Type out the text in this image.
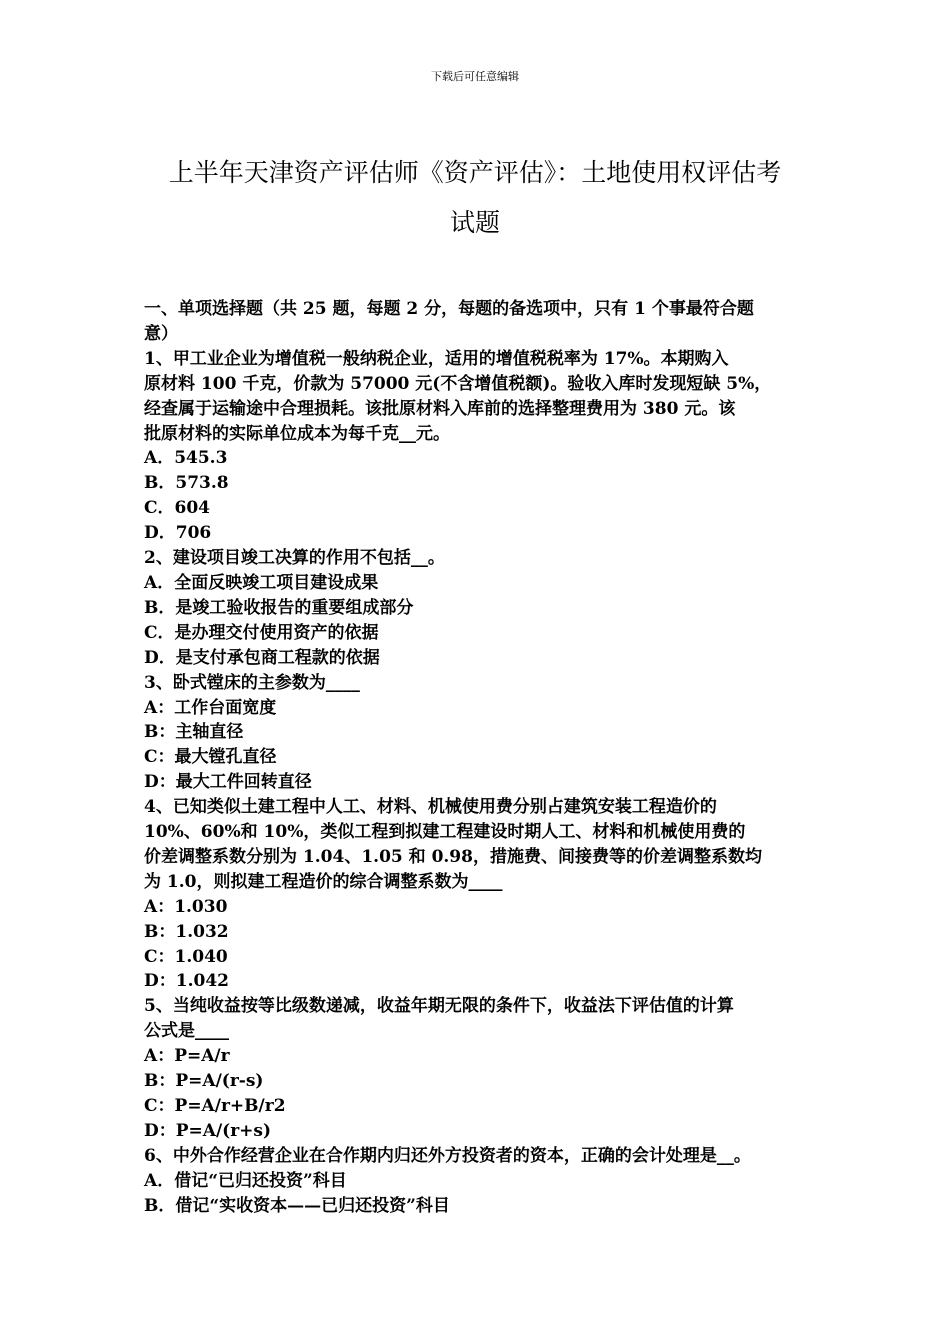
下载后可任意编辑
上半年天津资产评估师《资产评估》：土地使用权评估考
试题
一、单项选择题（共 25 题，每题 2 分，每题的备选项中，只有 1 个事最符合题
意）
1、甲工业企业为增值税一般纳税企业，适用的增值税税率为 17%。本期购入
原材料 100 千克，价款为 57000 元(不含增值税额)。验收入库时发现短缺 5%，
经查属于运输途中合理损耗。该批原材料入库前的选择整理费用为 380 元。该
批原材料的实际单位成本为每千克__元。
A．545.3
B．573.8
C．604
D．706
2、建设项目竣工决算的作用不包括__。
A．全面反映竣工项目建设成果
B．是竣工验收报告的重要组成部分
C．是办理交付使用资产的依据
D．是支付承包商工程款的依据
3、卧式镗床的主参数为____
A：工作台面宽度
B：主轴直径
C：最大镗孔直径
D：最大工件回转直径
4、已知类似土建工程中人工、材料、机械使用费分别占建筑安装工程造价的
10%、60%和 10%，类似工程到拟建工程建设时期人工、材料和机械使用费的
价差调整系数分别为 1.04、1.05 和 0.98，措施费、间接费等的价差调整系数均
为 1.0，则拟建工程造价的综合调整系数为____
A：1.030
B：1.032
C：1.040
D：1.042
5、当纯收益按等比级数递减，收益年期无限的条件下，收益法下评估值的计算
公式是____
A：P=A/r
B：P=A/(r-s)
C：P=A/r+B/r2
D：P=A/(r+s)
6、中外合作经营企业在合作期内归还外方投资者的资本，正确的会计处理是__。
A．借记“已归还投资”科目
B．借记“实收资本——已归还投资”科目
